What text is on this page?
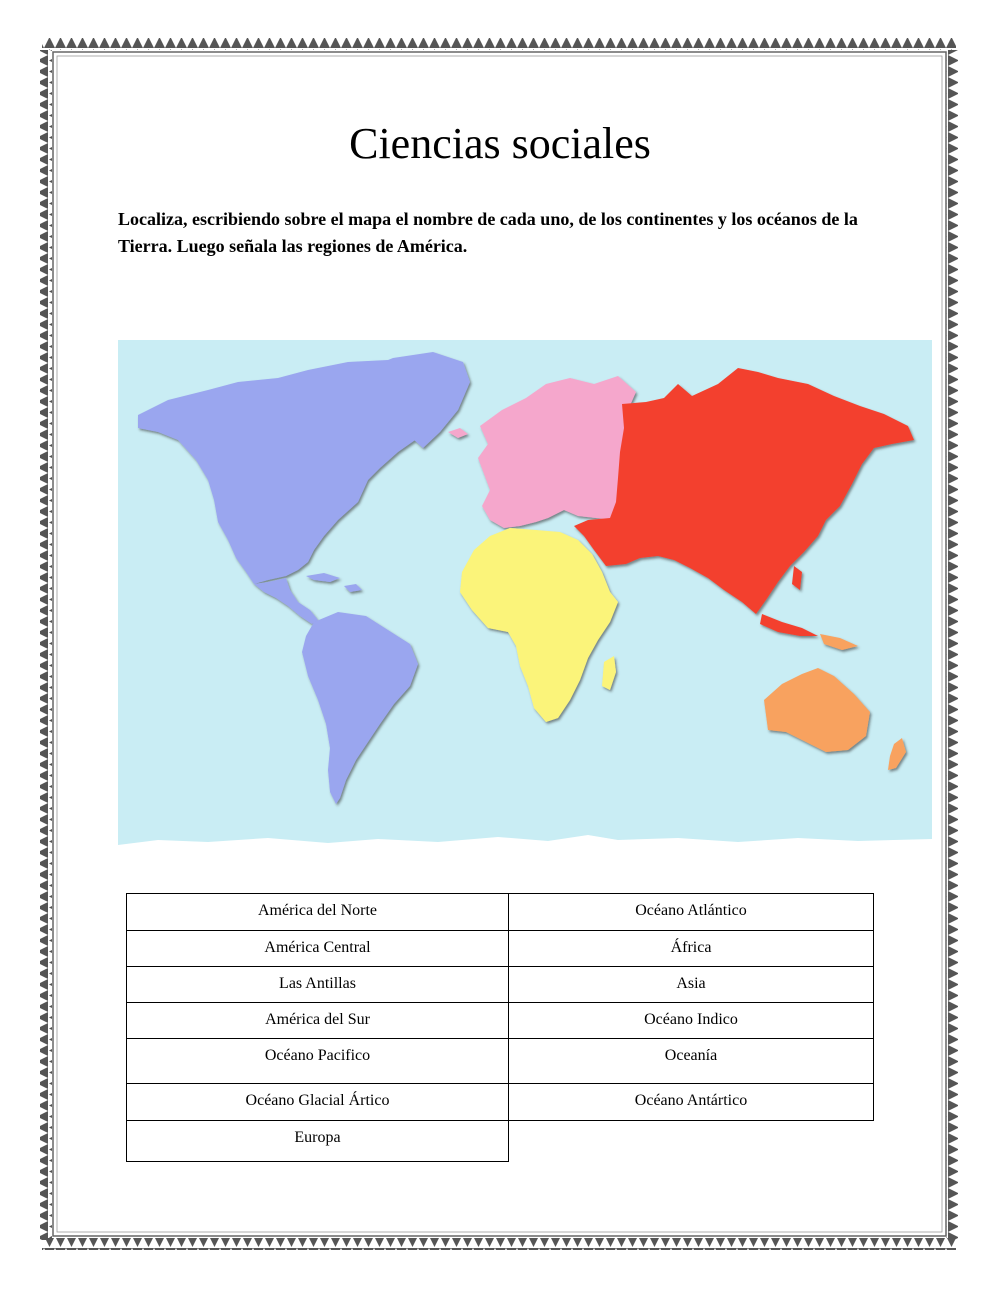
Ciencias sociales

Localiza, escribiendo sobre el mapa el nombre de cada uno, de los continentes y los océanos de la Tierra. Luego señala las regiones de América.

América del Norte	Océano Atlántico
América Central	África
Las Antillas	Asia
América del Sur	Océano Indico
Océano Pacifico	Oceanía
Océano Glacial Ártico	Océano Antártico
Europa	
